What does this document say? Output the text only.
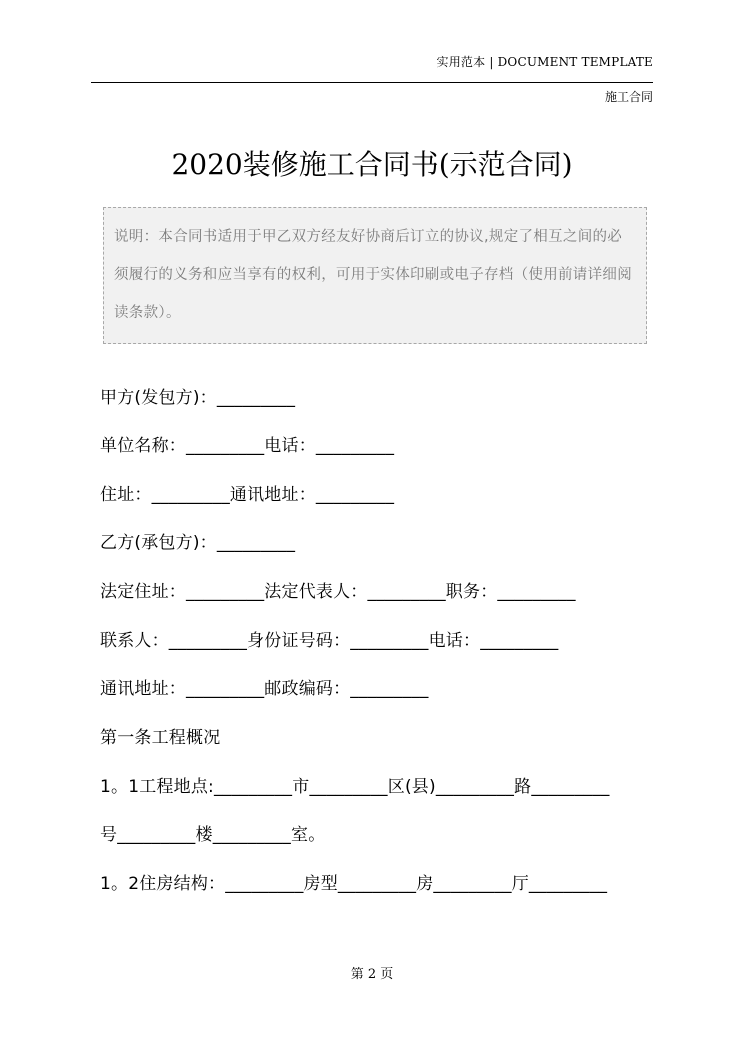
实用范本 | DOCUMENT TEMPLATE
施工合同
2020装修施工合同书(示范合同)
说明：本合同书适用于甲乙双方经友好协商后订立的协议,规定了相互之间的必须履行的义务和应当享有的权利，可用于实体印刷或电子存档（使用前请详细阅读条款）。
甲方(发包方)：_________
单位名称：_________电话：_________
住址：_________通讯地址：_________
乙方(承包方)：_________
法定住址：_________法定代表人：_________职务：_________
联系人：_________身份证号码：_________电话：_________
通讯地址：_________邮政编码：_________
第一条工程概况
1。1工程地点:_________市_________区(县)_________路_________
号_________楼_________室。
1。2住房结构：_________房型_________房_________厅_________
第 2 页
